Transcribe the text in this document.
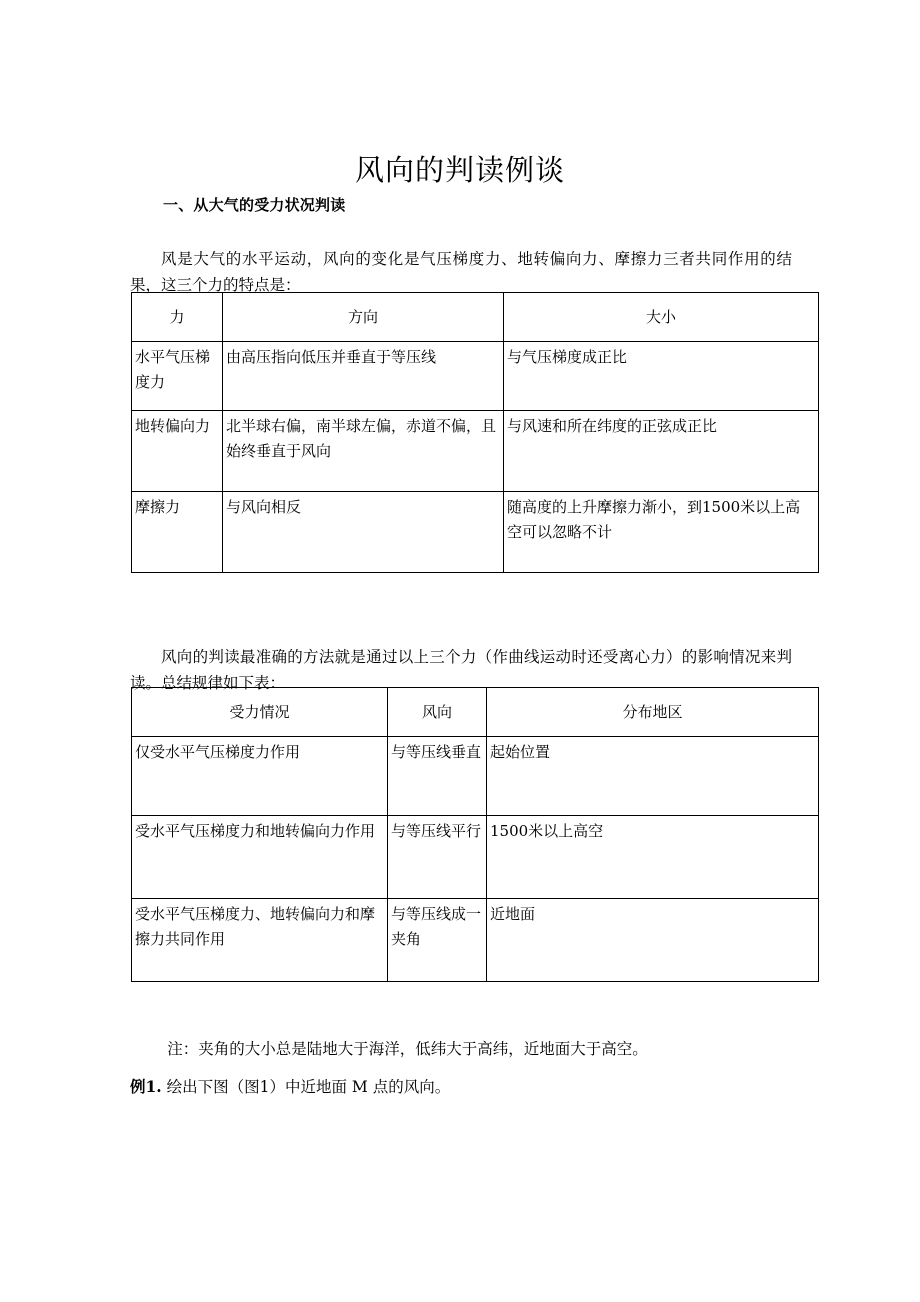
风向的判读例谈
一、从大气的受力状况判读

风是大气的水平运动，风向的变化是气压梯度力、地转偏向力、摩擦力三者共同作用的结果，这三个力的特点是：

力	方向	大小
水平气压梯度力	由高压指向低压并垂直于等压线	与气压梯度成正比
地转偏向力	北半球右偏，南半球左偏，赤道不偏，且始终垂直于风向	与风速和所在纬度的正弦成正比
摩擦力	与风向相反	随高度的上升摩擦力渐小，到1500米以上高空可以忽略不计

风向的判读最准确的方法就是通过以上三个力（作曲线运动时还受离心力）的影响情况来判读。总结规律如下表：

受力情况	风向	分布地区
仅受水平气压梯度力作用	与等压线垂直	起始位置
受水平气压梯度力和地转偏向力作用	与等压线平行	1500米以上高空
受水平气压梯度力、地转偏向力和摩擦力共同作用	与等压线成一夹角	近地面

注：夹角的大小总是陆地大于海洋，低纬大于高纬，近地面大于高空。

例1. 绘出下图（图1）中近地面 M 点的风向。
